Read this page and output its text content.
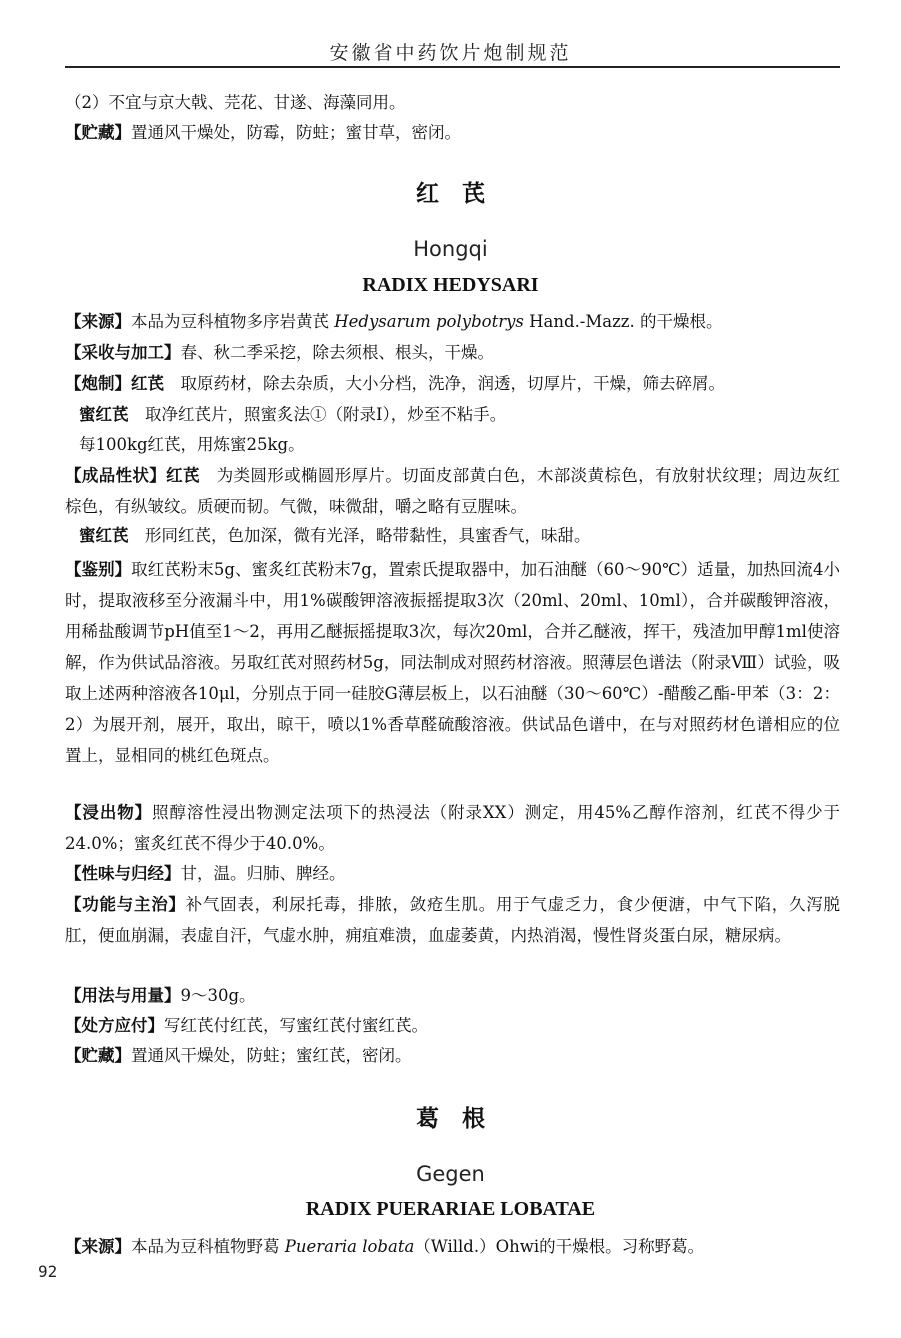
安徽省中药饮片炮制规范
（2）不宜与京大戟、芫花、甘遂、海藻同用。
【贮藏】置通风干燥处，防霉，防蛀；蜜甘草，密闭。
红　芪
Hongqi
RADIX HEDYSARI
【来源】本品为豆科植物多序岩黄芪 Hedysarum polybotrys Hand.-Mazz. 的干燥根。
【采收与加工】春、秋二季采挖，除去须根、根头，干燥。
【炮制】红芪　取原药材，除去杂质，大小分档，洗净，润透，切厚片，干燥，筛去碎屑。
蜜红芪　取净红芪片，照蜜炙法①（附录Ⅰ），炒至不粘手。
每100kg红芪，用炼蜜25kg。
【成品性状】红芪　为类圆形或椭圆形厚片。切面皮部黄白色，木部淡黄棕色，有放射状纹理；周边灰红棕色，有纵皱纹。质硬而韧。气微，味微甜，嚼之略有豆腥味。
蜜红芪　形同红芪，色加深，微有光泽，略带黏性，具蜜香气，味甜。
【鉴别】取红芪粉末5g、蜜炙红芪粉末7g，置索氏提取器中，加石油醚（60～90℃）适量，加热回流4小时，提取液移至分液漏斗中，用1%碳酸钾溶液振摇提取3次（20ml、20ml、10ml），合并碳酸钾溶液，用稀盐酸调节pH值至1～2，再用乙醚振摇提取3次，每次20ml，合并乙醚液，挥干，残渣加甲醇1ml使溶解，作为供试品溶液。另取红芪对照药材5g，同法制成对照药材溶液。照薄层色谱法（附录Ⅷ）试验，吸取上述两种溶液各10μl，分别点于同一硅胶G薄层板上，以石油醚（30～60℃）-醋酸乙酯-甲苯（3：2：2）为展开剂，展开，取出，晾干，喷以1%香草醛硫酸溶液。供试品色谱中，在与对照药材色谱相应的位置上，显相同的桃红色斑点。
【浸出物】照醇溶性浸出物测定法项下的热浸法（附录XX）测定，用45%乙醇作溶剂，红芪不得少于24.0%；蜜炙红芪不得少于40.0%。
【性味与归经】甘，温。归肺、脾经。
【功能与主治】补气固表，利尿托毒，排脓，敛疮生肌。用于气虚乏力，食少便溏，中气下陷，久泻脱肛，便血崩漏，表虚自汗，气虚水肿，痈疽难溃，血虚萎黄，内热消渴，慢性肾炎蛋白尿，糖尿病。
【用法与用量】9～30g。
【处方应付】写红芪付红芪，写蜜红芪付蜜红芪。
【贮藏】置通风干燥处，防蛀；蜜红芪，密闭。
葛　根
Gegen
RADIX PUERARIAE LOBATAE
【来源】本品为豆科植物野葛 Pueraria lobata（Willd.）Ohwi的干燥根。习称野葛。
92
